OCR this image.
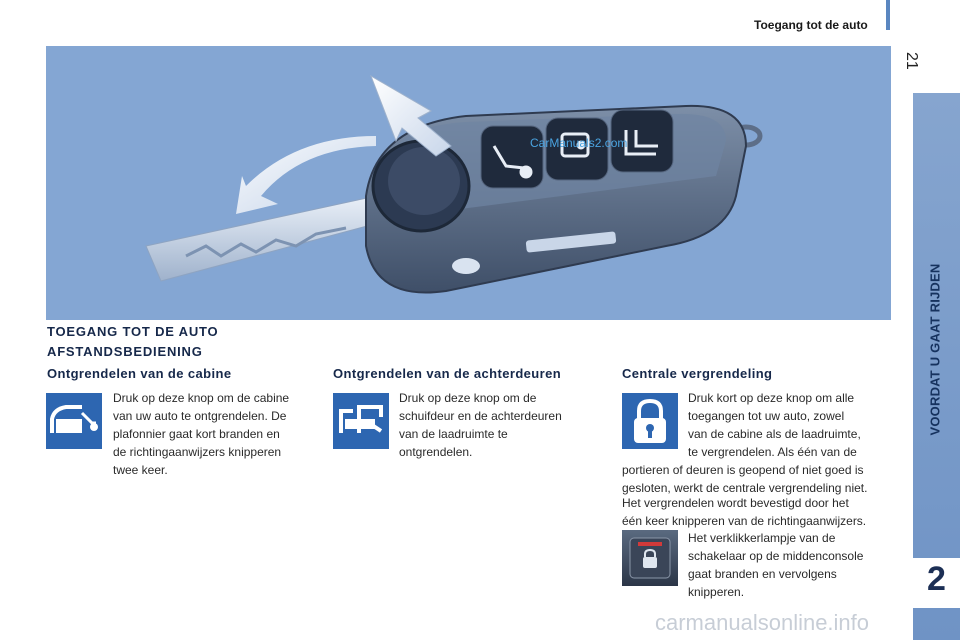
Toegang tot de auto
21
VOORDAT U GAAT RIJDEN
2
CarManuals2.com
TOEGANG TOT DE AUTO
AFSTANDSBEDIENING
Ontgrendelen van de cabine

Druk op deze knop om de cabine
van uw auto te ontgrendelen. De
plafonnier gaat kort branden en
de richtingaanwijzers knipperen
twee keer.

Ontgrendelen van de achterdeuren

Druk op deze knop om de
schuifdeur en de achterdeuren
van de laadruimte te
ontgrendelen.

Centrale vergrendeling

Druk kort op deze knop om alle
toegangen tot uw auto, zowel
van de cabine als de laadruimte,
te vergrendelen. Als één van de

portieren of deuren is geopend of niet goed is
gesloten, werkt de centrale vergrendeling niet.

Het vergrendelen wordt bevestigd door het
één keer knipperen van de richtingaanwijzers.

Het verklikkerlampje van de
schakelaar op de middenconsole
gaat branden en vervolgens
knipperen.

carmanualsonline.info
